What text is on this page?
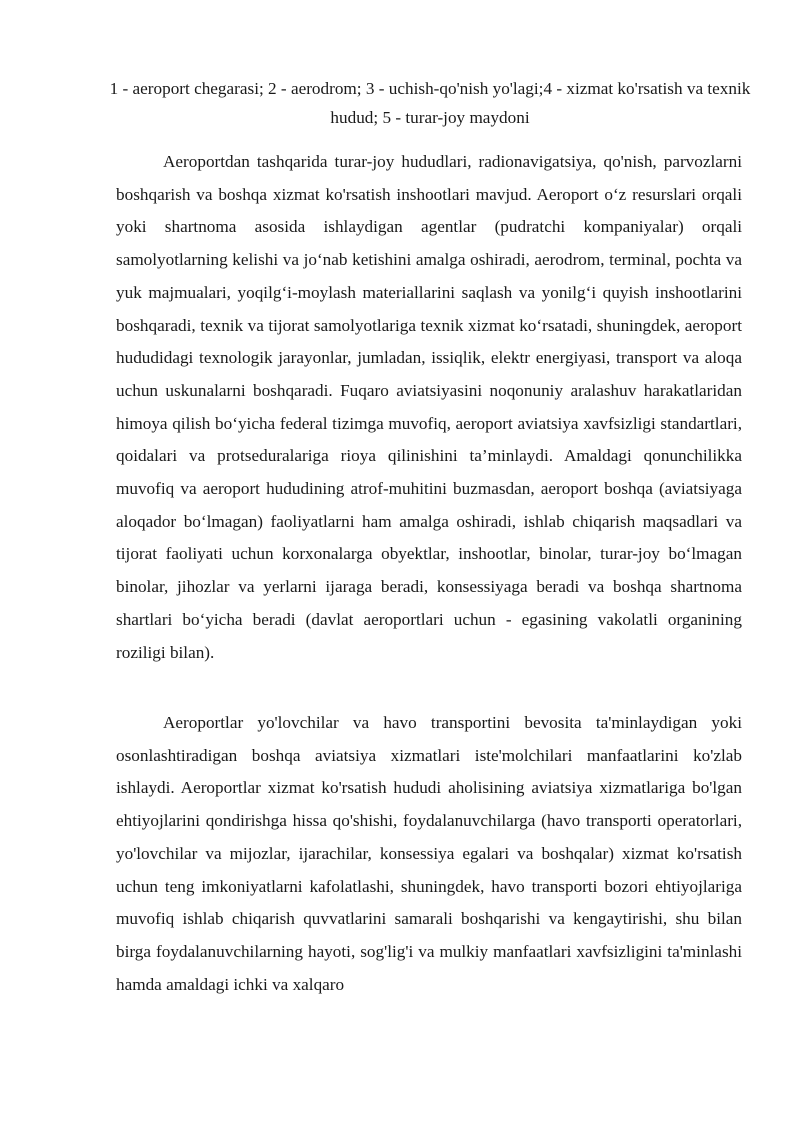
1 - aeroport chegarasi; 2 - aerodrom; 3 - uchish-qo'nish yo'lagi;4 - xizmat ko'rsatish va texnik hudud; 5 - turar-joy maydoni

Aeroportdan tashqarida turar-joy hududlari, radionavigatsiya, qo'nish, parvozlarni boshqarish va boshqa xizmat ko'rsatish inshootlari mavjud. Aeroport o‘z resurslari orqali yoki shartnoma asosida ishlaydigan agentlar (pudratchi kompaniyalar) orqali samolyotlarning kelishi va jo‘nab ketishini amalga oshiradi, aerodrom, terminal, pochta va yuk majmualari, yoqilg‘i-moylash materiallarini saqlash va yonilg‘i quyish inshootlarini boshqaradi, texnik va tijorat samolyotlariga texnik xizmat ko‘rsatadi, shuningdek, aeroport hududidagi texnologik jarayonlar, jumladan, issiqlik, elektr energiyasi, transport va aloqa uchun uskunalarni boshqaradi. Fuqaro aviatsiyasini noqonuniy aralashuv harakatlaridan himoya qilish bo‘yicha federal tizimga muvofiq, aeroport aviatsiya xavfsizligi standartlari, qoidalari va protseduralariga rioya qilinishini ta’minlaydi. Amaldagi qonunchilikka muvofiq va aeroport hududining atrof-muhitini buzmasdan, aeroport boshqa (aviatsiyaga aloqador bo‘lmagan) faoliyatlarni ham amalga oshiradi, ishlab chiqarish maqsadlari va tijorat faoliyati uchun korxonalarga obyektlar, inshootlar, binolar, turar-joy bo‘lmagan binolar, jihozlar va yerlarni ijaraga beradi, konsessiyaga beradi va boshqa shartnoma shartlari bo‘yicha beradi (davlat aeroportlari uchun - egasining vakolatli organining roziligi bilan).

Aeroportlar yo'lovchilar va havo transportini bevosita ta'minlaydigan yoki osonlashtiradigan boshqa aviatsiya xizmatlari iste'molchilari manfaatlarini ko'zlab ishlaydi. Aeroportlar xizmat ko'rsatish hududi aholisining aviatsiya xizmatlariga bo'lgan ehtiyojlarini qondirishga hissa qo'shishi, foydalanuvchilarga (havo transporti operatorlari, yo'lovchilar va mijozlar, ijarachilar, konsessiya egalari va boshqalar) xizmat ko'rsatish uchun teng imkoniyatlarni kafolatlashi, shuningdek, havo transporti bozori ehtiyojlariga muvofiq ishlab chiqarish quvvatlarini samarali boshqarishi va kengaytirishi, shu bilan birga foydalanuvchilarning hayoti, sog'lig'i va mulkiy manfaatlari xavfsizligini ta'minlashi hamda amaldagi ichki va xalqaro
